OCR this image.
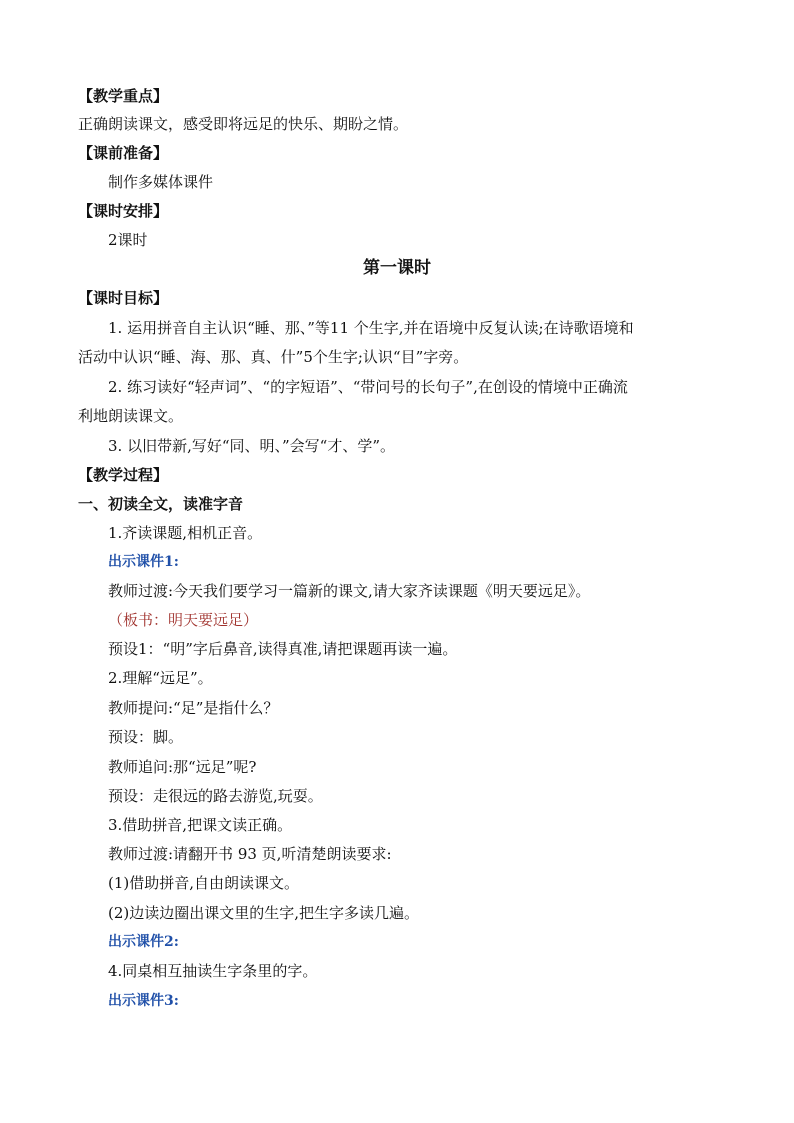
【教学重点】
正确朗读课文，感受即将远足的快乐、期盼之情。
【课前准备】
制作多媒体课件
【课时安排】
2课时
第一课时
【课时目标】
1. 运用拼音自主认识“睡、那、”等11 个生字,并在语境中反复认读;在诗歌语境和
活动中认识“睡、海、那、真、什”5个生字;认识“目”字旁。
2. 练习读好“轻声词”、“的字短语”、“带问号的长句子”,在创设的情境中正确流
利地朗读课文。
3. 以旧带新,写好“同、明、”会写“才、学”。
【教学过程】
一、初读全文，读准字音
1.齐读课题,相机正音。
出示课件1:
教师过渡:今天我们要学习一篇新的课文,请大家齐读课题《明天要远足》。
（板书：明天要远足）
预设1：“明”字后鼻音,读得真准,请把课题再读一遍。
2.理解“远足”。
教师提问:“足”是指什么？
预设：脚。
教师追问:那“远足”呢?
预设：走很远的路去游览,玩耍。
3.借助拼音,把课文读正确。
教师过渡:请翻开书 93 页,听清楚朗读要求:
(1)借助拼音,自由朗读课文。
(2)边读边圈出课文里的生字,把生字多读几遍。
出示课件2:
4.同桌相互抽读生字条里的字。
出示课件3:
